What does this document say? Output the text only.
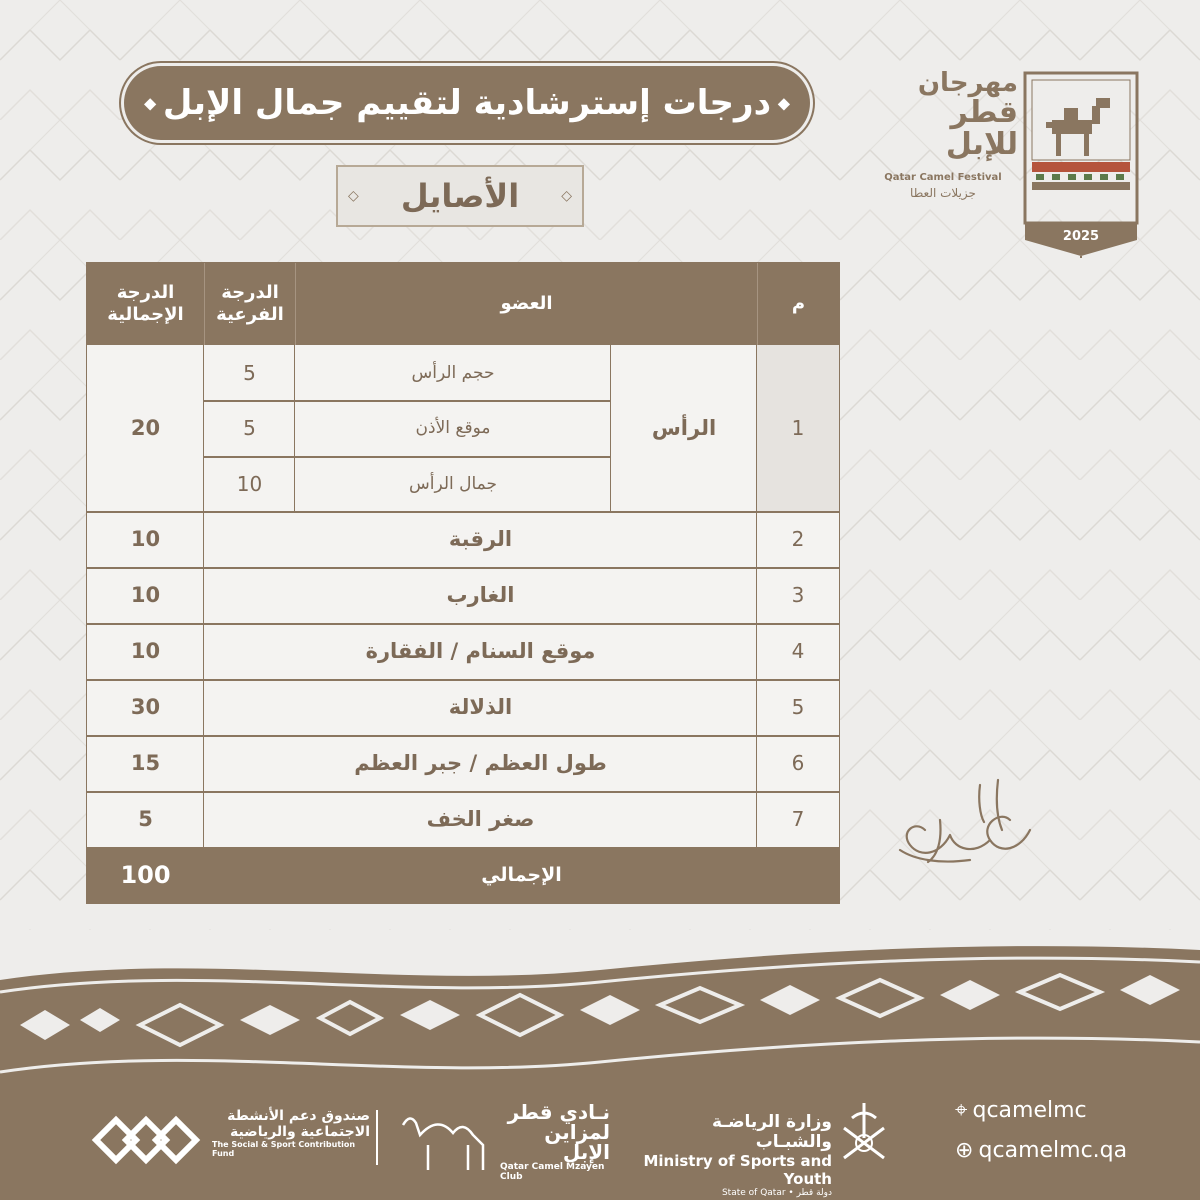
◆ درجات إسترشادية لتقييم جمال الإبل ◆
◇ الأصايل	◇
2025
مهرجان
قطر
للإبل
Qatar Camel Festival
جزيلات العطا
م
العضو
الدرجة الفرعية
الدرجة الإجمالية
1
الرأس
حجم الرأس
موقع الأذن
جمال الرأس
5
5
10
20
2
الرقبة
10
3
الغارب
10
4
موقع السنام / الفقارة
10
5
الذلالة
30
6
طول العظم / جبر العظم
15
7
صغر الخف
5
الإجمالي
100
⌖ qcamelmc
⊕ qcamelmc.qa
وزارة الرياضـة والشبـاب
Ministry of Sports and Youth
State of Qatar • دولة قطر
نـادي قطر
لمزاين الإبل
Qatar Camel Mzayen Club
صندوق دعم الأنشطة
الاجتماعية والرياضية
The Social & Sport Contribution Fund
